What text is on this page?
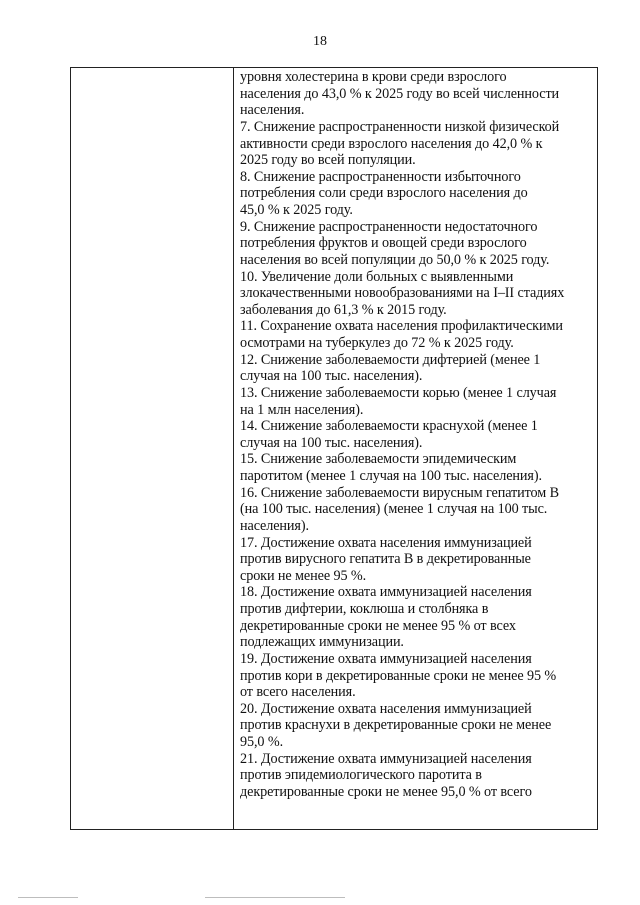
18
уровня холестерина в крови среди взрослого
населения до 43,0 % к 2025 году во всей численности
населения.
7. Снижение распространенности низкой физической
активности среди взрослого населения до 42,0 % к
2025 году во всей популяции.
8. Снижение распространенности избыточного
потребления соли среди взрослого населения до
45,0 % к 2025 году.
9. Снижение распространенности недостаточного
потребления фруктов и овощей среди взрослого
населения во всей популяции до 50,0 % к 2025 году.
10. Увеличение доли больных с выявленными
злокачественными новообразованиями на I–II стадиях
заболевания до 61,3 % к 2015 году.
11. Сохранение охвата населения профилактическими
осмотрами на туберкулез до 72 % к 2025 году.
12. Снижение заболеваемости дифтерией (менее 1
случая на 100 тыс. населения).
13. Снижение заболеваемости корью (менее 1 случая
на 1 млн населения).
14. Снижение заболеваемости краснухой (менее 1
случая на 100 тыс. населения).
15. Снижение заболеваемости эпидемическим
паротитом (менее 1 случая на 100 тыс. населения).
16. Снижение заболеваемости вирусным гепатитом В
(на 100 тыс. населения) (менее 1 случая на 100 тыс.
населения).
17. Достижение охвата населения иммунизацией
против вирусного гепатита В в декретированные
сроки не менее 95 %.
18. Достижение охвата иммунизацией населения
против дифтерии, коклюша и столбняка в
декретированные сроки не менее 95 % от всех
подлежащих иммунизации.
19. Достижение охвата иммунизацией населения
против кори в декретированные сроки не менее 95 %
от всего населения.
20. Достижение охвата населения иммунизацией
против краснухи в декретированные сроки не менее
95,0 %.
21. Достижение охвата иммунизацией населения
против эпидемиологического паротита в
декретированные сроки не менее 95,0 % от всего
